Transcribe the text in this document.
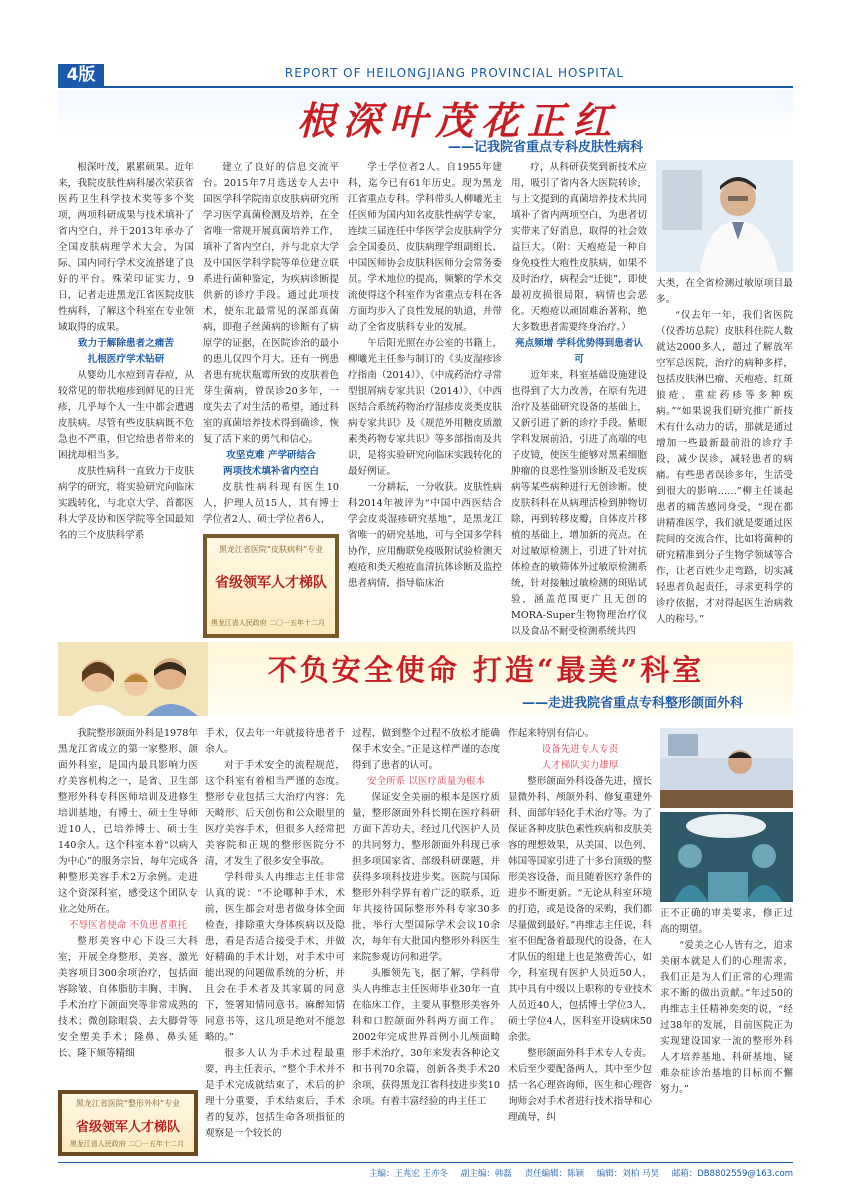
4版	REPORT OF HEILONGJIANG PROVINCIAL HOSPITAL
根深叶茂花正红
——记我院省重点专科皮肤性病科

根深叶茂，累累硕果。近年来，我院皮肤性病科屡次荣获省医药卫生科学技术奖等多个奖项，两项科研成果与技术填补了省内空白，并于2013年承办了全国皮肤病理学术大会，为国际、国内同行学术交流搭建了良好的平台。殊荣印证实力，9日，记者走进黑龙江省医院皮肤性病科，了解这个科室在专业领域取得的成果。

致力于解除患者之痛苦

扎根医疗学术钻研

从婴幼儿水痘到青春痘，从较常见的带状疱疹到鲜见的日光疹，几乎每个人一生中都会遭遇皮肤病。尽管有些皮肤病既不危急也不严重，但它给患者带来的困扰却相当多。

皮肤性病科一直致力于皮肤病学的研究，将实验研究向临床实践转化，与北京大学、首都医科大学及协和医学院等全国最知名的三个皮肤科学系

建立了良好的信息交流平台。2015年7月选送专人去中国医学科学院南京皮肤病研究所学习医学真菌检测及培养，在全省唯一常规开展真菌培养工作，填补了省内空白，并与北京大学及中国医学科学院等单位建立联系进行菌种鉴定，为疾病诊断提供新的诊疗手段。通过此项技术，使东北最常见的深部真菌病，即孢子丝菌病的诊断有了病原学的证据，在医院诊治的最小的患儿仅四个月大。还有一例患者患有疣状瓶霉所致的皮肤着色芽生菌病，曾误诊20多年，一度失去了对生活的希望，通过科室的真菌培养技术得到确诊，恢复了活下来的勇气和信心。

攻坚克难 产学研结合

两项技术填补省内空白

皮肤性病科现有医生10人，护理人员15人，其有博士学位者2人、硕士学位者6人，

学士学位者2人。自1955年建科，迄今已有61年历史。现为黑龙江省重点专科。学科带头人柳曦光主任医师为国内知名皮肤性病学专家，连续三届连任中华医学会皮肤病学分会全国委员、皮肤病理学组副组长、中国医师协会皮肤科医师分会常务委员。学术地位的提高，频繁的学术交流使得这个科室作为省重点专科在各方面均步入了良性发展的轨道，并带动了全省皮肤科专业的发展。

午后阳光照在办公室的书籍上，柳曦光主任参与制订的《头皮湿疹诊疗指南（2014）》、《中成药治疗寻常型银屑病专家共识（2014）》、《中西医结合系统药物治疗湿疹皮炎类皮肤病专家共识》及《规范外用糖皮质激素类药物专家共识》等多部指南及共识，是将实验研究向临床实践转化的最好例证。

一分耕耘，一分收获。皮肤性病科2014年被评为“中国中西医结合学会皮炎湿疹研究基地”，是黑龙江省唯一的研究基地，可与全国多学科协作，应用酶联免疫吸附试验检测天疱疮和类天疱疮血清抗体诊断及监控患者病情，指导临床治

疗，从科研获奖到新技术应用，吸引了省内各大医院转诊，与上文提到的真菌培养技术共同填补了省内两项空白，为患者切实带来了好消息，取得的社会效益巨大。（附：天疱疮是一种自身免疫性大疱性皮肤病，如果不及时治疗，病程会“迁徙”，即使最初皮损很局限，病情也会恶化。天疱疮以顽固难治著称，绝大多数患者需要终身治疗。）

亮点频增 学科优势得到患者认可

近年来，科室基础设施建设也得到了大力改善，在原有先进治疗及基础研究设备的基础上，又新引进了新的诊疗手段。紫眼学科发展前沿，引进了高端的电子皮镜，使医生能够对黑素细胞肿瘤的良恶性鉴别诊断及毛发疾病等某些病种进行无创诊断。使皮肤科科在从病理活检到肿物切除，再到转移皮瓣，自体皮片移植的基础上，增加新的亮点。在对过敏原检测上，引进了针对抗体检查的敏筛体外过敏原检测系统，针对接触过敏检测的斑贴试验，涵盖范围更广且无创的MORA-Super生物物理治疗仪以及食品不耐受检测系统共四

大类，在全省检测过敏原项目最多。

“仅去年一年，我们省医院（仪香坊总院）皮肤科住院人数就达2000多人，超过了解放军空军总医院，治疗的病种多样，包括皮肤淋巴瘤、天疱疮、红斑狼疮、重症药疹等多种疾病。”“如果说我们研究推广新技术有什么动力的话，那就是通过增加一些最新最前沿的诊疗手段，减少误诊，减轻患者的病痛。有些患者误诊多年，生活受到很大的影响……”柳主任谈起患者的痛苦感同身受，“现在都讲精准医学，我们就是要通过医院间的交流合作，比如将菌种的研究精准到分子生物学领域等合作，让老百姓少走弯路，切实减轻患者负起责任，寻求更科学的诊疗依据，才对得起医生治病救人的称号。”

黑龙江省医院“皮肤病科”专业
省级领军人才梯队
黑龙江省人民政府 二〇一五年十二月
不负安全使命 打造“最美”科室
——走进我院省重点专科整形颌面外科

我院整形颌面外科是1978年黑龙江省成立的第一家整形、颌面外科室，是国内最具影响力医疗美容机构之一，是省、卫生部整形外科专科医师培训及进修生培训基地，有博士、硕士生导师近10人，已培养博士、硕士生140余人。这个科室本着“以病人为中心”的服务宗旨，每年完成各种整形美容手术2万余例。走进这个资深科室，感受这个团队专业之处所在。

不辱医者使命 不负患者重托

整形美容中心下设三大科室，开展全身整形、美容、激光美容项目300余项治疗，包括面容除皱、自体脂肪丰胸、丰胸、手术治疗下颌面突等非常成熟的技术；微创除眼袋、去大脚骨等安全塑美手术；隆鼻、鼻头延长、隆下颏等精细

黑龙江省医院“整形外科”专业
省级领军人才梯队
黑龙江省人民政府 二〇一五年十二月

手术，仅去年一年就接待患者千余人。

对于手术安全的流程规范，这个科室有着相当严谨的态度。整形专业包括三大治疗内容：先天畸形、后天创伤和公众眼里的医疗美容手术，但很多人经常把美容院和正规的整形医院分不清，才发生了很多安全事故。

学科带头人冉维志主任非常认真的说：“不论哪种手术，术前，医生都会对患者做身体全面检查，排除重大身体疾病以及隐患，看是否适合接受手术，并做好精确的手术计划，对手术中可能出现的问题做系统的分析，并且会在手术者及其家属的同意下，签署知情同意书。麻醉知情同意书等，这几项是绝对不能忽略的。”

很多人认为手术过程最重要，冉主任表示，“整个手术并不是手术完成就结束了，术后的护理十分重要，手术结束后，手术者的复苏，包括生命各项指征的观察是一个较长的

过程，做到整个过程不放松才能确保手术安全。”正是这样严谨的态度得到了患者的认可。

安全所系 以医疗质量为根本

保证安全美丽的根本是医疗质量，整形颌面外科长期在医疗科研方面下苦功夫，经过几代医护人员的共同努力，整形颌面外科现已承担多项国家省、部级科研课题，并获得多项科技进步奖。医院与国际整形外科学界有着广泛的联系，近年共接待国际整形外科专家30多批，举行大型国际学术会议10余次，每年有大批国内整形外科医生来院参观访问和进学。

头雁领先飞，据了解，学科带头人冉维志主任医师毕业30年一直在临床工作，主要从事整形美容外科和口腔颌面外科两方面工作。2002年完成世界首例小儿颅面畸形手术治疗，30年来发表各种论文和书刊70余篇，创新各类手术20余项，获得黑龙江省科技进步奖10余项。有着丰富经验的冉主任工

作起来特别有信心。

设备先进专人专责

人才梯队实力雄厚

整形颌面外科设备先进，擅长显微外科、颅颌外科、修复重建外科、面部年轻化手术治疗等。为了保证各种皮肤色素性疾病和皮肤美容的理想效果，从美国、以色列、韩国等国家引进了十多台顶级的整形美容设备，而且随着医疗条件的进步不断更新。“无论从科室环境的打造，或是设备的采购，我们都尽量做到最好。”冉维志主任说，科室不但配备着最现代的设备，在人才队伍的组建上也是煞费苦心，如今，科室现有医护人员近50人，其中具有中级以上职称的专业技术人员近40人，包括博士学位3人，硕士学位4人，医科室开设病床50余张。

整形颌面外科手术专人专责。术后至少要配备两人，其中至少包括一名心理咨询师，医生和心理咨询师会对手术者进行技术指导和心理疏导，纠

正不正确的审美要求，修正过高的期望。

“爱美之心人皆有之，追求美丽本就是人们的心理需求，我们正是为人们正常的心理需求不断的做出贡献。”年过50的冉维志主任精神奕奕的说，“经过38年的发展，目前医院正为实现建设国家一流的整形外科人才培养基地、科研基地、疑难杂症诊治基地的目标而不懈努力。”

主编：王兆宏 王亦冬 副主编：韩磊 责任编辑：陈颖 编辑：刘柏 马昊 邮箱：DB8802559@163.com
